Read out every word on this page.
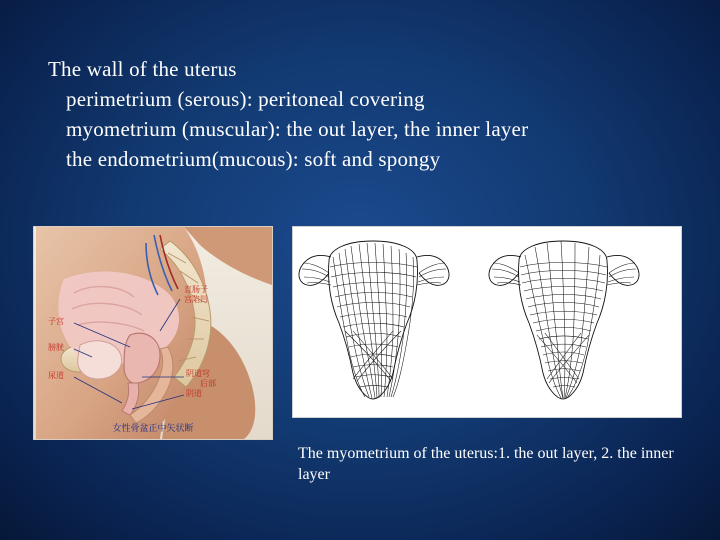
The wall of the uterus
perimetrium (serous): peritoneal covering
myometrium (muscular): the out layer, the inner layer
the endometrium(mucous): soft and spongy
直肠子
宫陷凹
子宫
膀胱
尿道	阴道穹
后部
阴道
女性骨盆正中矢状断
The myometrium of the uterus:1. the out layer, 2. the inner layer
